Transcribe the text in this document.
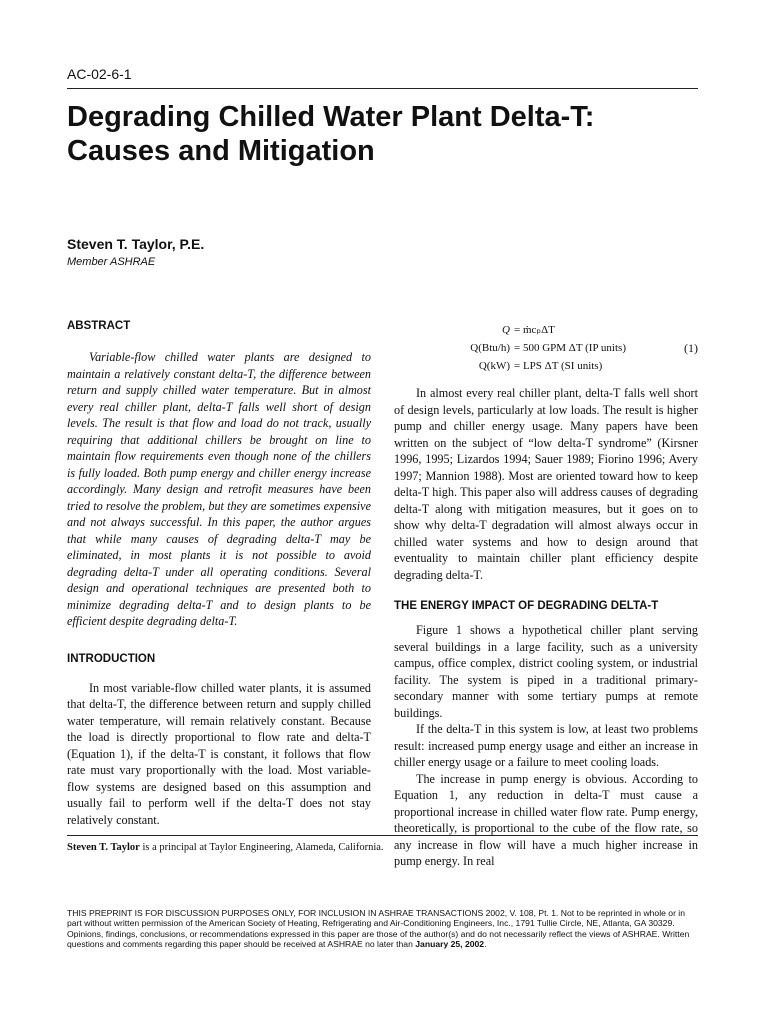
AC-02-6-1
Degrading Chilled Water Plant Delta-T:
Causes and Mitigation
Steven T. Taylor, P.E.
Member ASHRAE
ABSTRACT

Variable-flow chilled water plants are designed to maintain a relatively constant delta-T, the difference between return and supply chilled water temperature. But in almost every real chiller plant, delta-T falls well short of design levels. The result is that flow and load do not track, usually requiring that additional chillers be brought on line to maintain flow requirements even though none of the chillers is fully loaded. Both pump energy and chiller energy increase accordingly. Many design and retrofit measures have been tried to resolve the problem, but they are sometimes expensive and not always successful. In this paper, the author argues that while many causes of degrading delta-T may be eliminated, in most plants it is not possible to avoid degrading delta-T under all operating conditions. Several design and operational techniques are presented both to minimize degrading delta-T and to design plants to be efficient despite degrading delta-T.

INTRODUCTION

In most variable-flow chilled water plants, it is assumed that delta-T, the difference between return and supply chilled water temperature, will remain relatively constant. Because the load is directly proportional to flow rate and delta-T (Equation 1), if the delta-T is constant, it follows that flow rate must vary proportionally with the load. Most variable-flow systems are designed based on this assumption and usually fail to perform well if the delta-T does not stay relatively constant.

Q = ṁcₚΔT
Q(Btu/h) = 500 GPM ΔT (IP units)	(1)
Q(kW) = LPS ΔT (SI units)

In almost every real chiller plant, delta-T falls well short of design levels, particularly at low loads. The result is higher pump and chiller energy usage. Many papers have been written on the subject of “low delta-T syndrome” (Kirsner 1996, 1995; Lizardos 1994; Sauer 1989; Fiorino 1996; Avery 1997; Mannion 1988). Most are oriented toward how to keep delta-T high. This paper also will address causes of degrading delta-T along with mitigation measures, but it goes on to show why delta-T degradation will almost always occur in chilled water systems and how to design around that eventuality to maintain chiller plant efficiency despite degrading delta-T.

THE ENERGY IMPACT OF DEGRADING DELTA-T

Figure 1 shows a hypothetical chiller plant serving several buildings in a large facility, such as a university campus, office complex, district cooling system, or industrial facility. The system is piped in a traditional primary-secondary manner with some tertiary pumps at remote buildings.

If the delta-T in this system is low, at least two problems result: increased pump energy usage and either an increase in chiller energy usage or a failure to meet cooling loads.

The increase in pump energy is obvious. According to Equation 1, any reduction in delta-T must cause a proportional increase in chilled water flow rate. Pump energy, theoretically, is proportional to the cube of the flow rate, so any increase in flow will have a much higher increase in pump energy. In real

Steven T. Taylor is a principal at Taylor Engineering, Alameda, California.
THIS PREPRINT IS FOR DISCUSSION PURPOSES ONLY, FOR INCLUSION IN ASHRAE TRANSACTIONS 2002, V. 108, Pt. 1. Not to be reprinted in whole or in part without written permission of the American Society of Heating, Refrigerating and Air-Conditioning Engineers, Inc., 1791 Tullie Circle, NE, Atlanta, GA 30329. Opinions, findings, conclusions, or recommendations expressed in this paper are those of the author(s) and do not necessarily reflect the views of ASHRAE. Written questions and comments regarding this paper should be received at ASHRAE no later than January 25, 2002.
